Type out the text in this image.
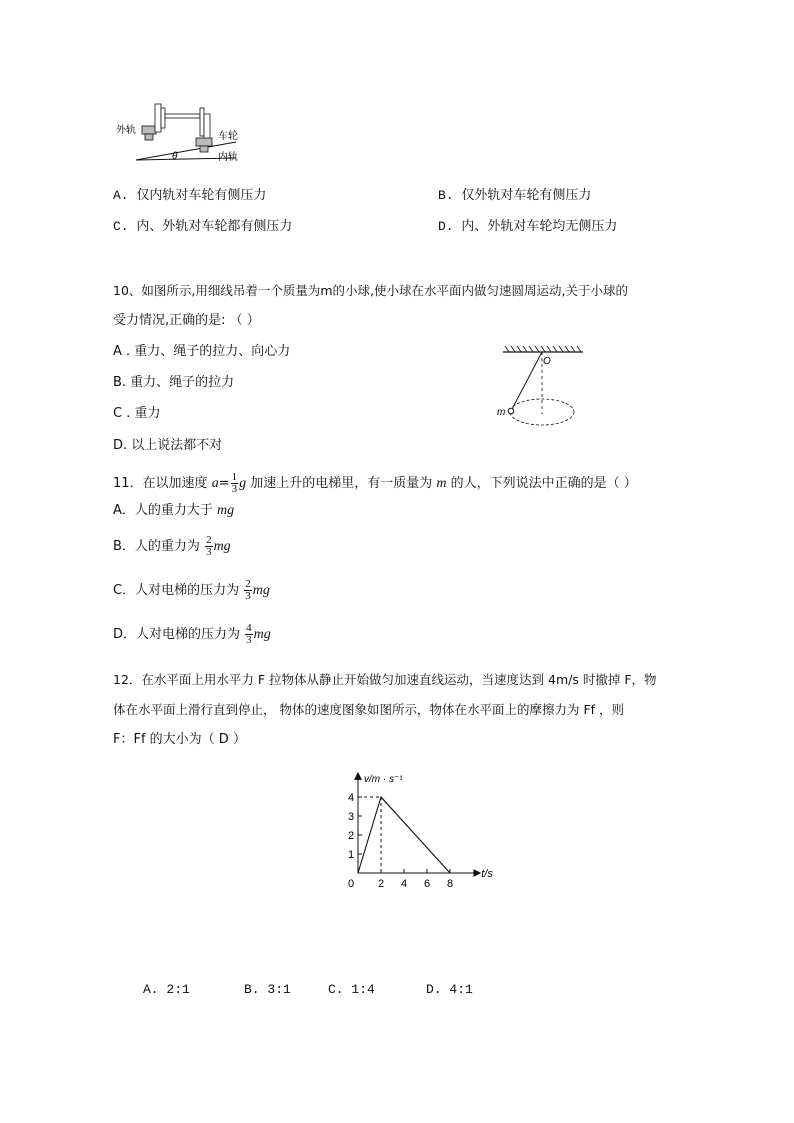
外轨
车轮
内轨
θ
A. 仅内轨对车轮有侧压力	B. 仅外轨对车轮有侧压力
C. 内、外轨对车轮都有侧压力	D. 内、外轨对车轮均无侧压力
10、如图所示,用细线吊着一个质量为m的小球,使小球在水平面内做匀速圆周运动,关于小球的
受力情况,正确的是: （ ）
A . 重力、绳子的拉力、向心力
B. 重力、绳子的拉力
C . 重力
D. 以上说法都不对
O
m
11．在以加速度 $a= \frac{1}{3}$ g 加速上升的电梯里，有一质量为 m 的人，下列说法中正确的是（ ）
A．人的重力大于 mg
B．人的重力为 $\frac{2}{3}$ mg
C．人对电梯的压力为 $\frac{2}{3}$ mg
D．人对电梯的压力为 $\frac{4}{3}$ mg
12．在水平面上用水平力 F 拉物体从静止开始做匀加速直线运动，当速度达到 4m/s 时撤掉 F，物
体在水平面上滑行直到停止， 物体的速度图象如图所示，物体在水平面上的摩擦力为 Ff ，则
F：Ff 的大小为（ D ）
1
2
3
4
0 2 4 6 8
v/m · s⁻¹
t/s
A. 2:1	B. 3:1	C. 1:4	D. 4:1
